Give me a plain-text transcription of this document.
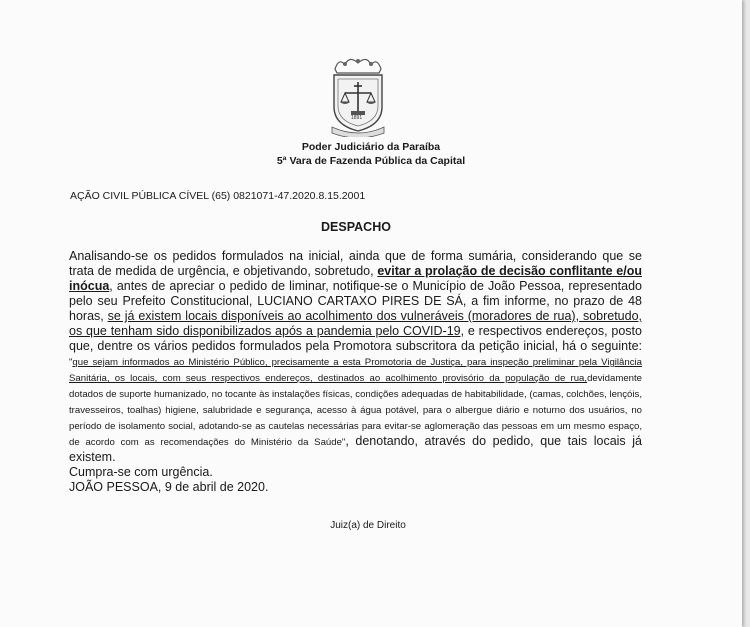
1891
Poder Judiciário da Paraíba
5ª Vara de Fazenda Pública da Capital
AÇÃO CIVIL PÚBLICA CÍVEL (65) 0821071-47.2020.8.15.2001
DESPACHO

Analisando-se os pedidos formulados na inicial, ainda que de forma sumária, considerando que se trata de medida de urgência, e objetivando, sobretudo, evitar a prolação de decisão conflitante e/ou inócua, antes de apreciar o pedido de liminar, notifique-se o Município de João Pessoa, representado pelo seu Prefeito Constitucional, LUCIANO CARTAXO PIRES DE SÁ, a fim informe, no prazo de 48 horas, se já existem locais disponíveis ao acolhimento dos vulneráveis (moradores de rua), sobretudo, os que tenham sido disponibilizados após a pandemia pelo COVID-19, e respectivos endereços, posto que, dentre os vários pedidos formulados pela Promotora subscritora da petição inicial, há o seguinte: "que sejam informados ao Ministério Público, precisamente a esta Promotoria de Justiça, para inspeção preliminar pela Vigilância Sanitária, os locais, com seus respectivos endereços, destinados ao acolhimento provisório da população de rua,devidamente dotados de suporte humanizado, no tocante às instalações físicas, condições adequadas de habitabilidade, (camas, colchões, lençóis, travesseiros, toalhas) higiene, salubridade e segurança, acesso à água potável, para o albergue diário e noturno dos usuários, no período de isolamento social, adotando-se as cautelas necessárias para evitar-se aglomeração das pessoas em um mesmo espaço, de acordo com as recomendações do Ministério da Saúde", denotando, através do pedido, que tais locais já existem.

Cumpra-se com urgência.

JOÃO PESSOA, 9 de abril de 2020.

Juiz(a) de Direito
